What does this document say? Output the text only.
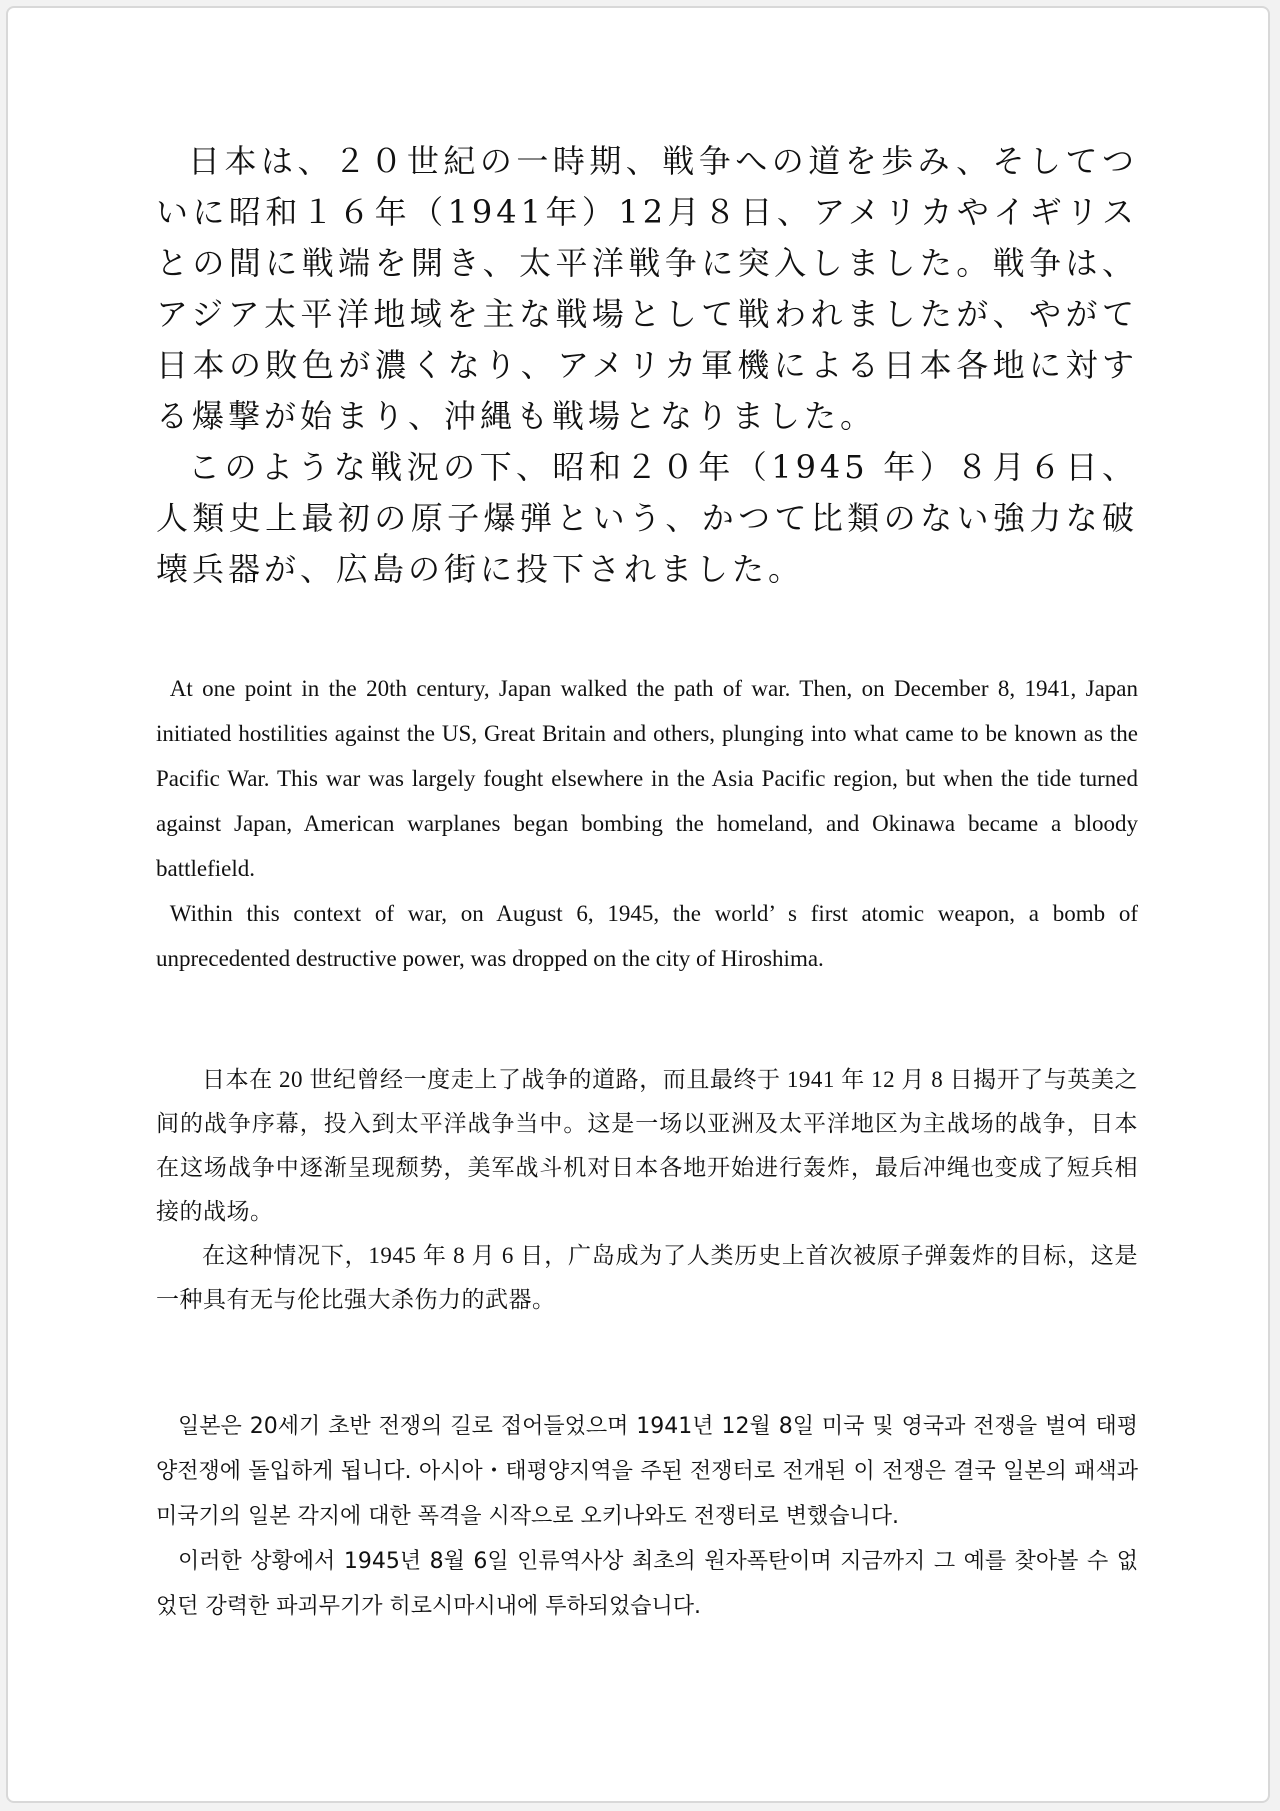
日本は、２０世紀の一時期、戦争への道を歩み、そしてついに昭和１６年（1941年）12月８日、アメリカやイギリスとの間に戦端を開き、太平洋戦争に突入しました。戦争は、アジア太平洋地域を主な戦場として戦われましたが、やがて日本の敗色が濃くなり、アメリカ軍機による日本各地に対する爆撃が始まり、沖縄も戦場となりました。

このような戦況の下、昭和２０年（1945 年）８月６日、人類史上最初の原子爆弾という、かつて比類のない強力な破壊兵器が、広島の街に投下されました。

At one point in the 20th century, Japan walked the path of war. Then, on December 8, 1941, Japan initiated hostilities against the US, Great Britain and others, plunging into what came to be known as the Pacific War. This war was largely fought elsewhere in the Asia Pacific region, but when the tide turned against Japan, American warplanes began bombing the homeland, and Okinawa became a bloody battlefield.

Within this context of war, on August 6, 1945, the world’ s first atomic weapon, a bomb of unprecedented destructive power, was dropped on the city of Hiroshima.

日本在 20 世纪曾经一度走上了战争的道路，而且最终于 1941 年 12 月 8 日揭开了与英美之间的战争序幕，投入到太平洋战争当中。这是一场以亚洲及太平洋地区为主战场的战争，日本在这场战争中逐渐呈现颓势，美军战斗机对日本各地开始进行轰炸，最后冲绳也变成了短兵相接的战场。

在这种情况下，1945 年 8 月 6 日，广岛成为了人类历史上首次被原子弹轰炸的目标，这是一种具有无与伦比强大杀伤力的武器。

일본은 20세기 초반 전쟁의 길로 접어들었으며 1941년 12월 8일 미국 및 영국과 전쟁을 벌여 태평양전쟁에 돌입하게 됩니다. 아시아・태평양지역을 주된 전쟁터로 전개된 이 전쟁은 결국 일본의 패색과 미국기의 일본 각지에 대한 폭격을 시작으로 오키나와도 전쟁터로 변했습니다.

이러한 상황에서 1945년 8월 6일 인류역사상 최초의 원자폭탄이며 지금까지 그 예를 찾아볼 수 없었던 강력한 파괴무기가 히로시마시내에 투하되었습니다.
